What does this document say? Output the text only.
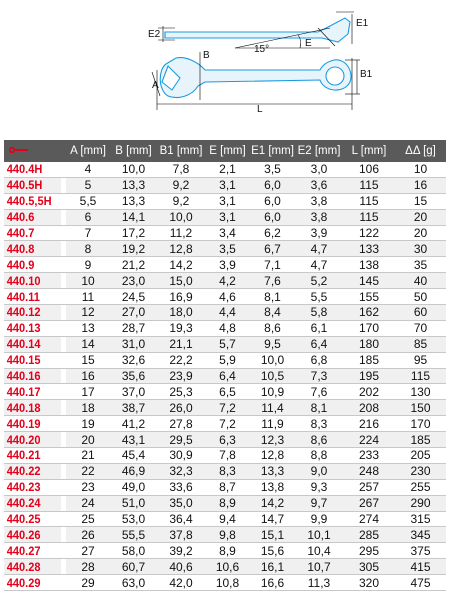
E2
E1
E
15°
B
B1
A
L
	A [mm]	B [mm]	B1 [mm]	E [mm]	E1 [mm]	E2 [mm]	L [mm]	ΔΔ [g]
440.4H	4	10,0	7,8	2,1	3,5	3,0	106	10
440.5H	5	13,3	9,2	3,1	6,0	3,6	115	16
440.5,5H	5,5	13,3	9,2	3,1	6,0	3,8	115	15
440.6	6	14,1	10,0	3,1	6,0	3,8	115	20
440.7	7	17,2	11,2	3,4	6,2	3,9	122	20
440.8	8	19,2	12,8	3,5	6,7	4,7	133	30
440.9	9	21,2	14,2	3,9	7,1	4,7	138	35
440.10	10	23,0	15,0	4,2	7,6	5,2	145	40
440.11	11	24,5	16,9	4,6	8,1	5,5	155	50
440.12	12	27,0	18,0	4,4	8,4	5,8	162	60
440.13	13	28,7	19,3	4,8	8,6	6,1	170	70
440.14	14	31,0	21,1	5,7	9,5	6,4	180	85
440.15	15	32,6	22,2	5,9	10,0	6,8	185	95
440.16	16	35,6	23,9	6,4	10,5	7,3	195	115
440.17	17	37,0	25,3	6,5	10,9	7,6	202	130
440.18	18	38,7	26,0	7,2	11,4	8,1	208	150
440.19	19	41,2	27,8	7,2	11,9	8,3	216	170
440.20	20	43,1	29,5	6,3	12,3	8,6	224	185
440.21	21	45,4	30,9	7,8	12,8	8,8	233	205
440.22	22	46,9	32,3	8,3	13,3	9,0	248	230
440.23	23	49,0	33,6	8,7	13,8	9,3	257	255
440.24	24	51,0	35,0	8,9	14,2	9,7	267	290
440.25	25	53,0	36,4	9,4	14,7	9,9	274	315
440.26	26	55,5	37,8	9,8	15,1	10,1	285	345
440.27	27	58,0	39,2	8,9	15,6	10,4	295	375
440.28	28	60,7	40,6	10,6	16,1	10,7	305	415
440.29	29	63,0	42,0	10,8	16,6	11,3	320	475
